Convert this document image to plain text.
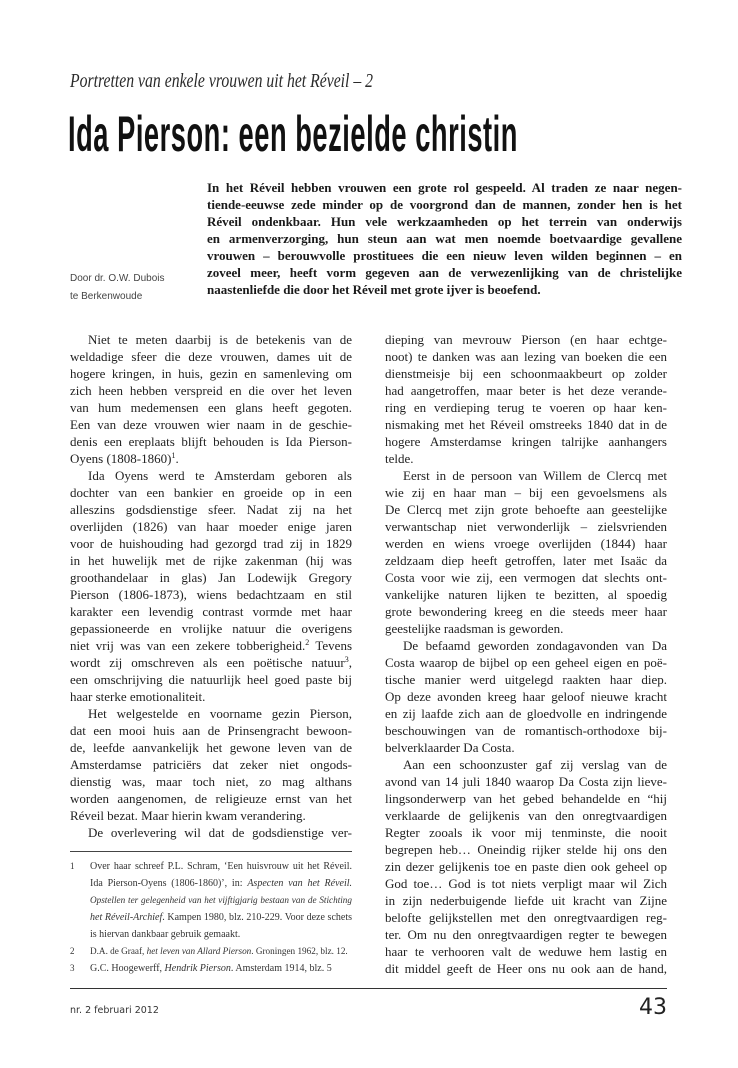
Portretten van enkele vrouwen uit het Réveil – 2
Ida Pierson: een bezielde christin
In het Réveil hebben vrouwen een grote rol gespeeld. Al traden ze naar negen-
tiende-eeuwse zede minder op de voorgrond dan de mannen, zonder hen is het
Réveil ondenkbaar. Hun vele werkzaamheden op het terrein van onderwijs
en armenverzorging, hun steun aan wat men noemde boetvaardige gevallene
vrouwen – berouwvolle prostituees die een nieuw leven wilden beginnen – en
zoveel meer, heeft vorm gegeven aan de verwezenlijking van de christelijke
naastenliefde die door het Réveil met grote ijver is beoefend.
Door dr. O.W. Dubois
te Berkenwoude
Niet te meten daarbij is de betekenis van de
weldadige sfeer die deze vrouwen, dames uit de
hogere kringen, in huis, gezin en samenleving om
zich heen hebben verspreid en die over het leven
van hum medemensen een glans heeft gegoten.
Een van deze vrouwen wier naam in de geschie-
denis een ereplaats blijft behouden is Ida Pierson-
Oyens (1808-1860)$^1$.
Ida Oyens werd te Amsterdam geboren als
dochter van een bankier en groeide op in een
alleszins godsdienstige sfeer. Nadat zij na het
overlijden (1826) van haar moeder enige jaren
voor de huishouding had gezorgd trad zij in 1829
in het huwelijk met de rijke zakenman (hij was
groothandelaar in glas) Jan Lodewijk Gregory
Pierson (1806-1873), wiens bedachtzaam en stil
karakter een levendig contrast vormde met haar
gepassioneerde en vrolijke natuur die overigens
niet vrij was van een zekere tobberigheid.$^2$ Tevens
wordt zij omschreven als een poëtische natuur$^3$,
een omschrijving die natuurlijk heel goed paste bij
haar sterke emotionaliteit.
Het welgestelde en voorname gezin Pierson,
dat een mooi huis aan de Prinsengracht bewoon-
de, leefde aanvankelijk het gewone leven van de
Amsterdamse patriciërs dat zeker niet ongods-
dienstig was, maar toch niet, zo mag althans
worden aangenomen, de religieuze ernst van het
Réveil bezat. Maar hierin kwam verandering.
De overlevering wil dat de godsdienstige ver-
dieping van mevrouw Pierson (en haar echtge-
noot) te danken was aan lezing van boeken die een
dienstmeisje bij een schoonmaakbeurt op zolder
had aangetroffen, maar beter is het deze verande-
ring en verdieping terug te voeren op haar ken-
nismaking met het Réveil omstreeks 1840 dat in de
hogere Amsterdamse kringen talrijke aanhangers
telde.
Eerst in de persoon van Willem de Clercq met
wie zij en haar man – bij een gevoelsmens als
De Clercq met zijn grote behoefte aan geestelijke
verwantschap niet verwonderlijk – zielsvrienden
werden en wiens vroege overlijden (1844) haar
zeldzaam diep heeft getroffen, later met Isaäc da
Costa voor wie zij, een vermogen dat slechts ont-
vankelijke naturen lijken te bezitten, al spoedig
grote bewondering kreeg en die steeds meer haar
geestelijke raadsman is geworden.
De befaamd geworden zondagavonden van Da
Costa waarop de bijbel op een geheel eigen en poë-
tische manier werd uitgelegd raakten haar diep.
Op deze avonden kreeg haar geloof nieuwe kracht
en zij laafde zich aan de gloedvolle en indringende
beschouwingen van de romantisch-orthodoxe bij-
belverklaarder Da Costa.
Aan een schoonzuster gaf zij verslag van de
avond van 14 juli 1840 waarop Da Costa zijn lieve-
lingsonderwerp van het gebed behandelde en “hij
verklaarde de gelijkenis van den onregtvaardigen
Regter zooals ik voor mij tenminste, die nooit
begrepen heb… Oneindig rijker stelde hij ons den
zin dezer gelijkenis toe en paste dien ook geheel op
God toe… God is tot niets verpligt maar wil Zich
in zijn nederbuigende liefde uit kracht van Zijne
belofte gelijkstellen met den onregtvaardigen reg-
ter. Om nu den onregtvaardigen regter te bewegen
haar te verhooren valt de weduwe hem lastig en
dit middel geeft de Heer ons nu ook aan de hand,
1 Over haar schreef P.L. Schram, ‘Een huisvrouw uit het Réveil.
Ida Pierson-Oyens (1806-1860)’, in: Aspecten van het Réveil.
Opstellen ter gelegenheid van het vijftigjarig bestaan van de Stichting
het Réveil-Archief. Kampen 1980, blz. 210-229. Voor deze schets
is hiervan dankbaar gebruik gemaakt.
2 D.A. de Graaf, het leven van Allard Pierson. Groningen 1962, blz. 12.
3 G.C. Hoogewerff, Hendrik Pierson. Amsterdam 1914, blz. 5
nr. 2 februari 2012	43
